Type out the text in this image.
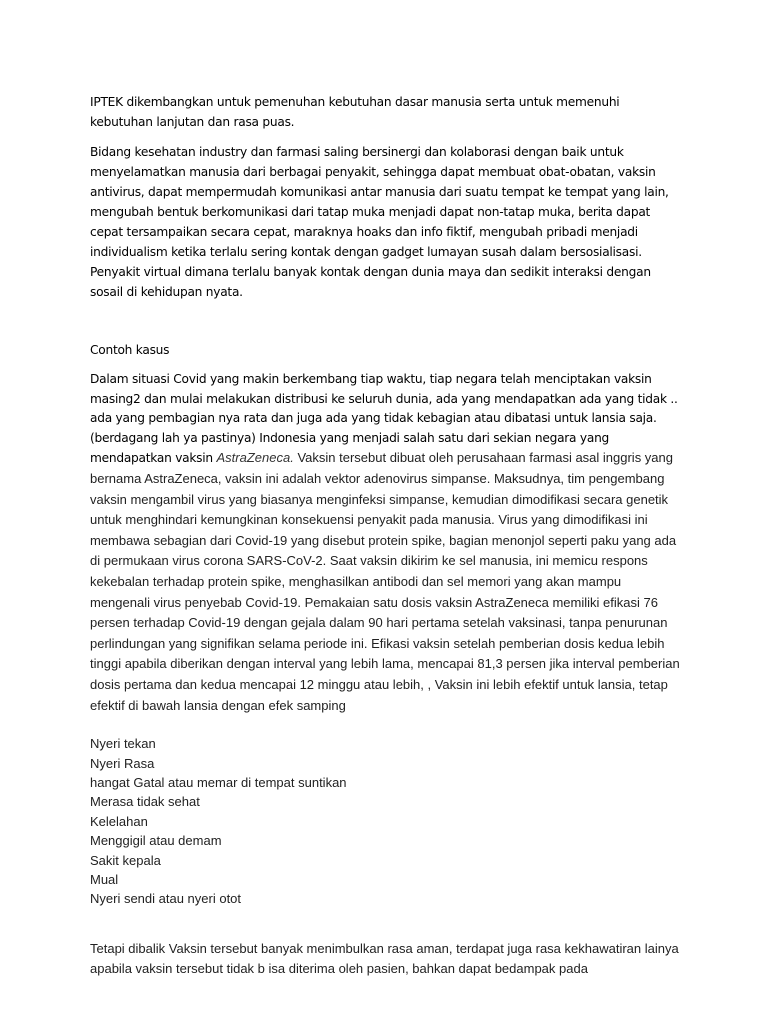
IPTEK dikembangkan untuk pemenuhan kebutuhan dasar manusia serta untuk memenuhi kebutuhan lanjutan dan rasa puas.

Bidang kesehatan industry dan farmasi saling bersinergi dan kolaborasi dengan baik untuk menyelamatkan manusia dari berbagai penyakit, sehingga dapat membuat obat-obatan, vaksin antivirus, dapat mempermudah komunikasi antar manusia dari suatu tempat ke tempat yang lain, mengubah bentuk berkomunikasi dari tatap muka menjadi dapat non-tatap muka, berita dapat cepat tersampaikan secara cepat, maraknya hoaks dan info fiktif, mengubah pribadi menjadi individualism ketika terlalu sering kontak dengan gadget lumayan susah dalam bersosialisasi. Penyakit virtual dimana terlalu banyak kontak dengan dunia maya dan sedikit interaksi dengan sosail di kehidupan nyata.

Contoh kasus

Dalam situasi Covid yang makin berkembang tiap waktu, tiap negara telah menciptakan vaksin masing2 dan mulai melakukan distribusi ke seluruh dunia, ada yang mendapatkan ada yang tidak .. ada yang pembagian nya rata dan juga ada yang tidak kebagian atau dibatasi untuk lansia saja. (berdagang lah ya pastinya) Indonesia yang menjadi salah satu dari sekian negara yang mendapatkan vaksin AstraZeneca. Vaksin tersebut dibuat oleh perusahaan farmasi asal inggris yang bernama AstraZeneca, vaksin ini adalah vektor adenovirus simpanse. Maksudnya, tim pengembang vaksin mengambil virus yang biasanya menginfeksi simpanse, kemudian dimodifikasi secara genetik untuk menghindari kemungkinan konsekuensi penyakit pada manusia. Virus yang dimodifikasi ini membawa sebagian dari Covid-19 yang disebut protein spike, bagian menonjol seperti paku yang ada di permukaan virus corona SARS-CoV-2. Saat vaksin dikirim ke sel manusia, ini memicu respons kekebalan terhadap protein spike, menghasilkan antibodi dan sel memori yang akan mampu mengenali virus penyebab Covid-19. Pemakaian satu dosis vaksin AstraZeneca memiliki efikasi 76 persen terhadap Covid-19 dengan gejala dalam 90 hari pertama setelah vaksinasi, tanpa penurunan perlindungan yang signifikan selama periode ini. Efikasi vaksin setelah pemberian dosis kedua lebih tinggi apabila diberikan dengan interval yang lebih lama, mencapai 81,3 persen jika interval pemberian dosis pertama dan kedua mencapai 12 minggu atau lebih, , Vaksin ini lebih efektif untuk lansia, tetap efektif di bawah lansia dengan efek samping

Nyeri tekan
Nyeri Rasa
hangat Gatal atau memar di tempat suntikan
Merasa tidak sehat
Kelelahan
Menggigil atau demam
Sakit kepala
Mual
Nyeri sendi atau nyeri otot

Tetapi dibalik Vaksin tersebut banyak menimbulkan rasa aman, terdapat juga rasa kekhawatiran lainya apabila vaksin tersebut tidak b isa diterima oleh pasien, bahkan dapat bedampak pada
